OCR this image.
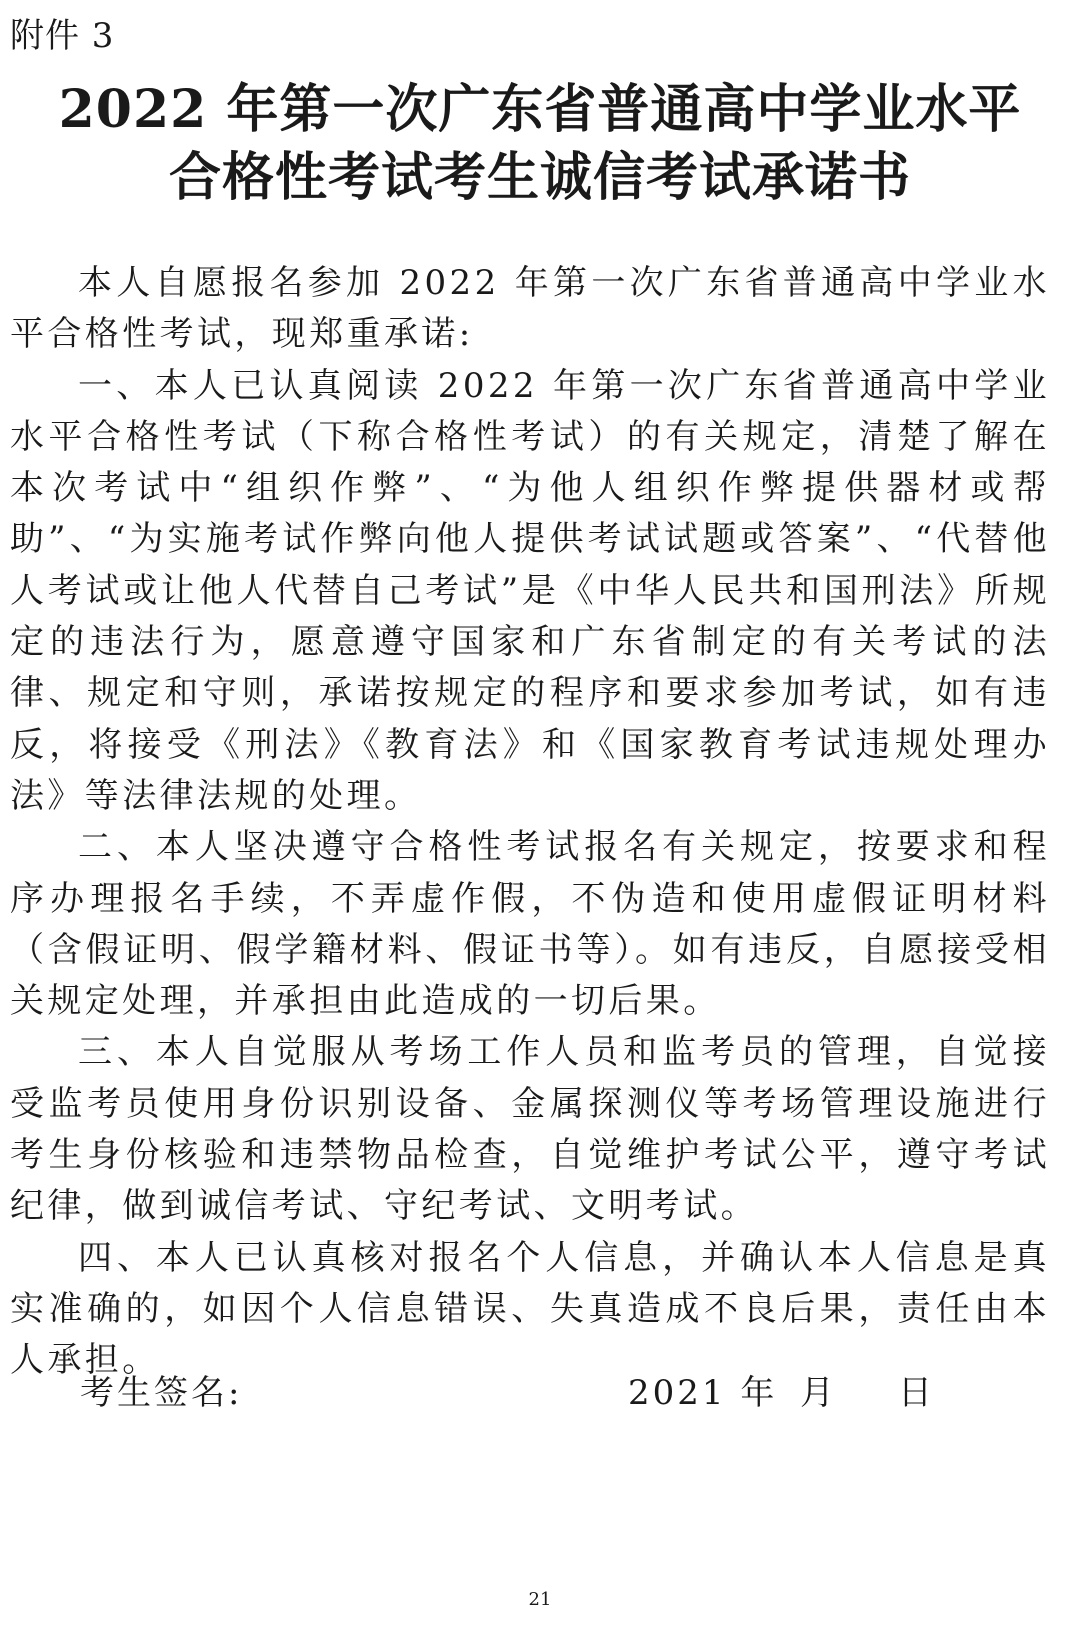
附件 3
2022 年第一次广东省普通高中学业水平
合格性考试考生诚信考试承诺书

本人自愿报名参加 2022 年第一次广东省普通高中学业水平合格性考试，现郑重承诺:

一、本人已认真阅读 2022 年第一次广东省普通高中学业水平合格性考试（下称合格性考试）的有关规定，清楚了解在本次考试中“组织作弊”、“为他人组织作弊提供器材或帮助”、“为实施考试作弊向他人提供考试试题或答案”、“代替他人考试或让他人代替自己考试”是《中华人民共和国刑法》所规定的违法行为，愿意遵守国家和广东省制定的有关考试的法律、规定和守则，承诺按规定的程序和要求参加考试，如有违反，将接受《刑法》《教育法》和《国家教育考试违规处理办法》等法律法规的处理。

二、本人坚决遵守合格性考试报名有关规定，按要求和程序办理报名手续，不弄虚作假，不伪造和使用虚假证明材料（含假证明、假学籍材料、假证书等）。如有违反，自愿接受相关规定处理，并承担由此造成的一切后果。

三、本人自觉服从考场工作人员和监考员的管理，自觉接受监考员使用身份识别设备、金属探测仪等考场管理设施进行考生身份核验和违禁物品检查，自觉维护考试公平，遵守考试纪律，做到诚信考试、守纪考试、文明考试。

四、本人已认真核对报名个人信息，并确认本人信息是真实准确的，如因个人信息错误、失真造成不良后果，责任由本人承担。

考生签名:	2021 年 月 日
21
